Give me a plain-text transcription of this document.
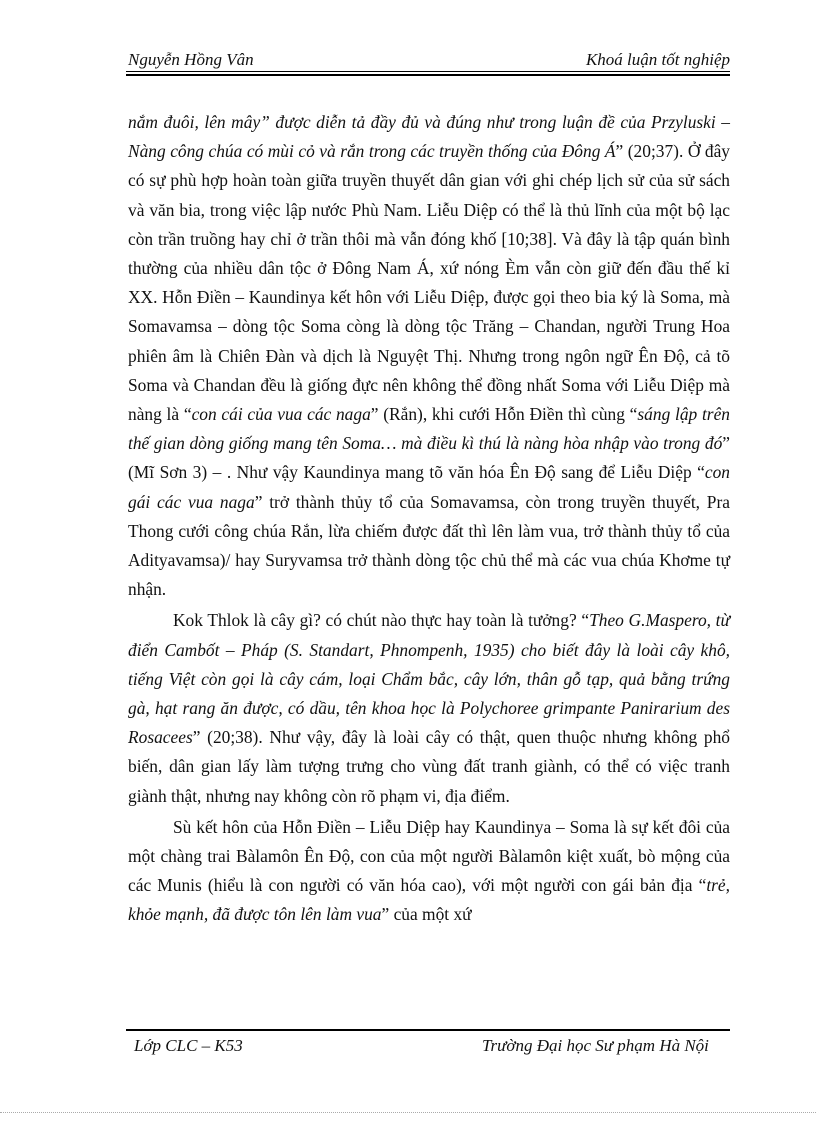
Nguyễn Hồng Vân	Khoá luận tốt nghiệp

nắm đuôi, lên mây” được diễn tả đầy đủ và đúng như trong luận đề của Przyluski – Nàng công chúa có mùi cỏ và rắn trong các truyền thống của Đông Á” (20;37). Ở đây có sự phù hợp hoàn toàn giữa truyền thuyết dân gian với ghi chép lịch sử của sử sách và văn bia, trong việc lập nước Phù Nam. Liễu Diệp có thể là thủ lĩnh của một bộ lạc còn trần truồng hay chỉ ở trần thôi mà vẫn đóng khố [10;38]. Và đây là tập quán bình thường của nhiều dân tộc ở Đông Nam Á, xứ nóng Èm vẫn còn giữ đến đầu thế kỉ XX. Hỗn Điền – Kaundinya kết hôn với Liễu Diệp, được gọi theo bia ký là Soma, mà Somavamsa – dòng tộc Soma còng là dòng tộc Trăng – Chandan, người Trung Hoa phiên âm là Chiên Đàn và dịch là Nguyệt Thị. Nhưng trong ngôn ngữ Ên Độ, cả tõ Soma và Chandan đều là giống đực nên không thể đồng nhất Soma với Liễu Diệp mà nàng là “con cái của vua các naga” (Rắn), khi cưới Hỗn Điền thì cùng “sáng lập trên thế gian dòng giống mang tên Soma… mà điều kì thú là nàng hòa nhập vào trong đó” (Mĩ Sơn 3) – . Như vậy Kaundinya mang tõ văn hóa Ên Độ sang để Liễu Diệp “con gái các vua naga” trở thành thủy tổ của Somavamsa, còn trong truyền thuyết, Pra Thong cưới công chúa Rắn, lừa chiếm được đất thì lên làm vua, trở thành thủy tổ của Adityavamsa)/ hay Suryvamsa trở thành dòng tộc chủ thể mà các vua chúa Khơme tự nhận.

Kok Thlok là cây gì? có chút nào thực hay toàn là tưởng? “Theo G.Maspero, từ điển Cambốt – Pháp (S. Standart, Phnompenh, 1935) cho biết đây là loài cây khô, tiếng Việt còn gọi là cây cám, loại Chẩm bắc, cây lớn, thân gỗ tạp, quả bằng trứng gà, hạt rang ăn được, có dầu, tên khoa học là Polychoree grimpante Panirarium des Rosacees” (20;38). Như vậy, đây là loài cây có thật, quen thuộc nhưng không phổ biến, dân gian lấy làm tượng trưng cho vùng đất tranh giành, có thể có việc tranh giành thật, nhưng nay không còn rõ phạm vi, địa điểm.

Sù kết hôn của Hỗn Điền – Liễu Diệp hay Kaundinya – Soma là sự kết đôi của một chàng trai Bàlamôn Ên Độ, con của một người Bàlamôn kiệt xuất, bò mộng của các Munis (hiểu là con người có văn hóa cao), với một người con gái bản địa “trẻ, khỏe mạnh, đã được tôn lên làm vua” của một xứ

Lớp CLC – K53	Trường Đại học Sư phạm Hà Nội
